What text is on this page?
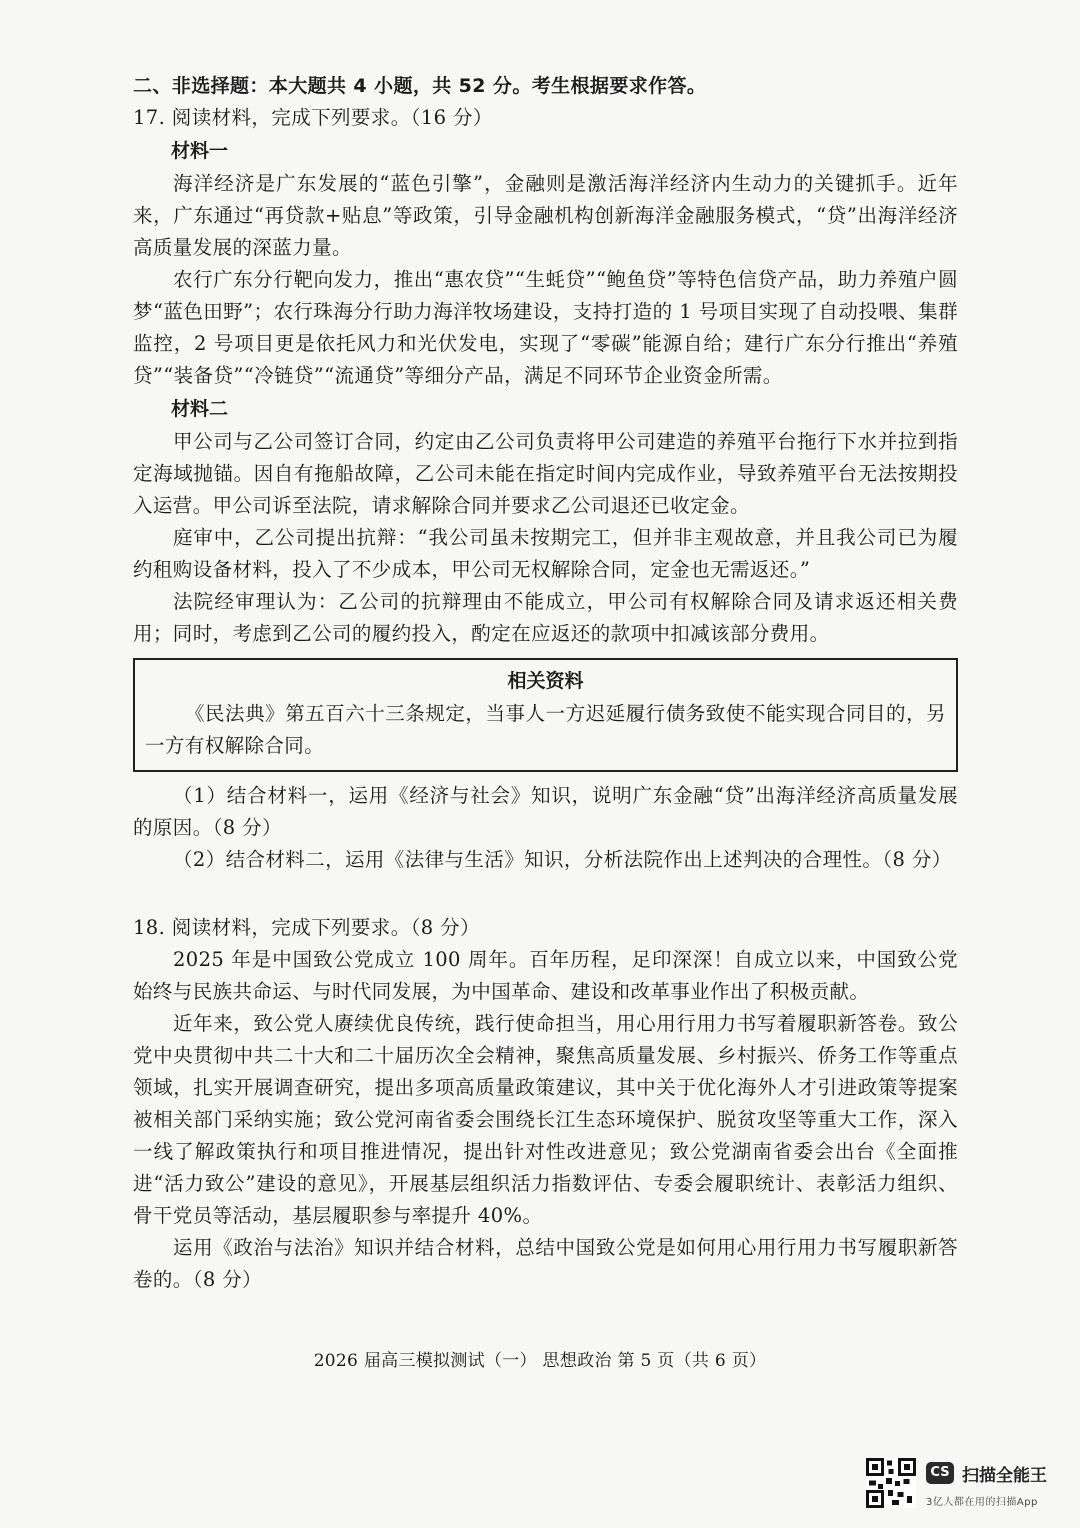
二、非选择题：本大题共 4 小题，共 52 分。考生根据要求作答。
17. 阅读材料，完成下列要求。（16 分）
材料一

海洋经济是广东发展的“蓝色引擎”，金融则是激活海洋经济内生动力的关键抓手。近年来，广东通过“再贷款+贴息”等政策，引导金融机构创新海洋金融服务模式，“贷”出海洋经济高质量发展的深蓝力量。

农行广东分行靶向发力，推出“惠农贷”“生蚝贷”“鲍鱼贷”等特色信贷产品，助力养殖户圆梦“蓝色田野”；农行珠海分行助力海洋牧场建设，支持打造的 1 号项目实现了自动投喂、集群监控，2 号项目更是依托风力和光伏发电，实现了“零碳”能源自给；建行广东分行推出“养殖贷”“装备贷”“冷链贷”“流通贷”等细分产品，满足不同环节企业资金所需。

材料二

甲公司与乙公司签订合同，约定由乙公司负责将甲公司建造的养殖平台拖行下水并拉到指定海域抛锚。因自有拖船故障，乙公司未能在指定时间内完成作业，导致养殖平台无法按期投入运营。甲公司诉至法院，请求解除合同并要求乙公司退还已收定金。

庭审中，乙公司提出抗辩：“我公司虽未按期完工，但并非主观故意，并且我公司已为履约租购设备材料，投入了不少成本，甲公司无权解除合同，定金也无需返还。”

法院经审理认为：乙公司的抗辩理由不能成立，甲公司有权解除合同及请求返还相关费用；同时，考虑到乙公司的履约投入，酌定在应返还的款项中扣减该部分费用。

相关资料

《民法典》第五百六十三条规定，当事人一方迟延履行债务致使不能实现合同目的，另一方有权解除合同。

（1）结合材料一，运用《经济与社会》知识，说明广东金融“贷”出海洋经济高质量发展的原因。（8 分）

（2）结合材料二，运用《法律与生活》知识，分析法院作出上述判决的合理性。（8 分）

18. 阅读材料，完成下列要求。（8 分）

2025 年是中国致公党成立 100 周年。百年历程，足印深深！自成立以来，中国致公党始终与民族共命运、与时代同发展，为中国革命、建设和改革事业作出了积极贡献。

近年来，致公党人赓续优良传统，践行使命担当，用心用行用力书写着履职新答卷。致公党中央贯彻中共二十大和二十届历次全会精神，聚焦高质量发展、乡村振兴、侨务工作等重点领域，扎实开展调查研究，提出多项高质量政策建议，其中关于优化海外人才引进政策等提案被相关部门采纳实施；致公党河南省委会围绕长江生态环境保护、脱贫攻坚等重大工作，深入一线了解政策执行和项目推进情况，提出针对性改进意见；致公党湖南省委会出台《全面推进“活力致公”建设的意见》，开展基层组织活力指数评估、专委会履职统计、表彰活力组织、骨干党员等活动，基层履职参与率提升 40%。

运用《政治与法治》知识并结合材料，总结中国致公党是如何用心用行用力书写履职新答卷的。（8 分）

2026 届高三模拟测试（一） 思想政治 第 5 页（共 6 页）
CS 扫描全能王
3亿人都在用的扫描App
